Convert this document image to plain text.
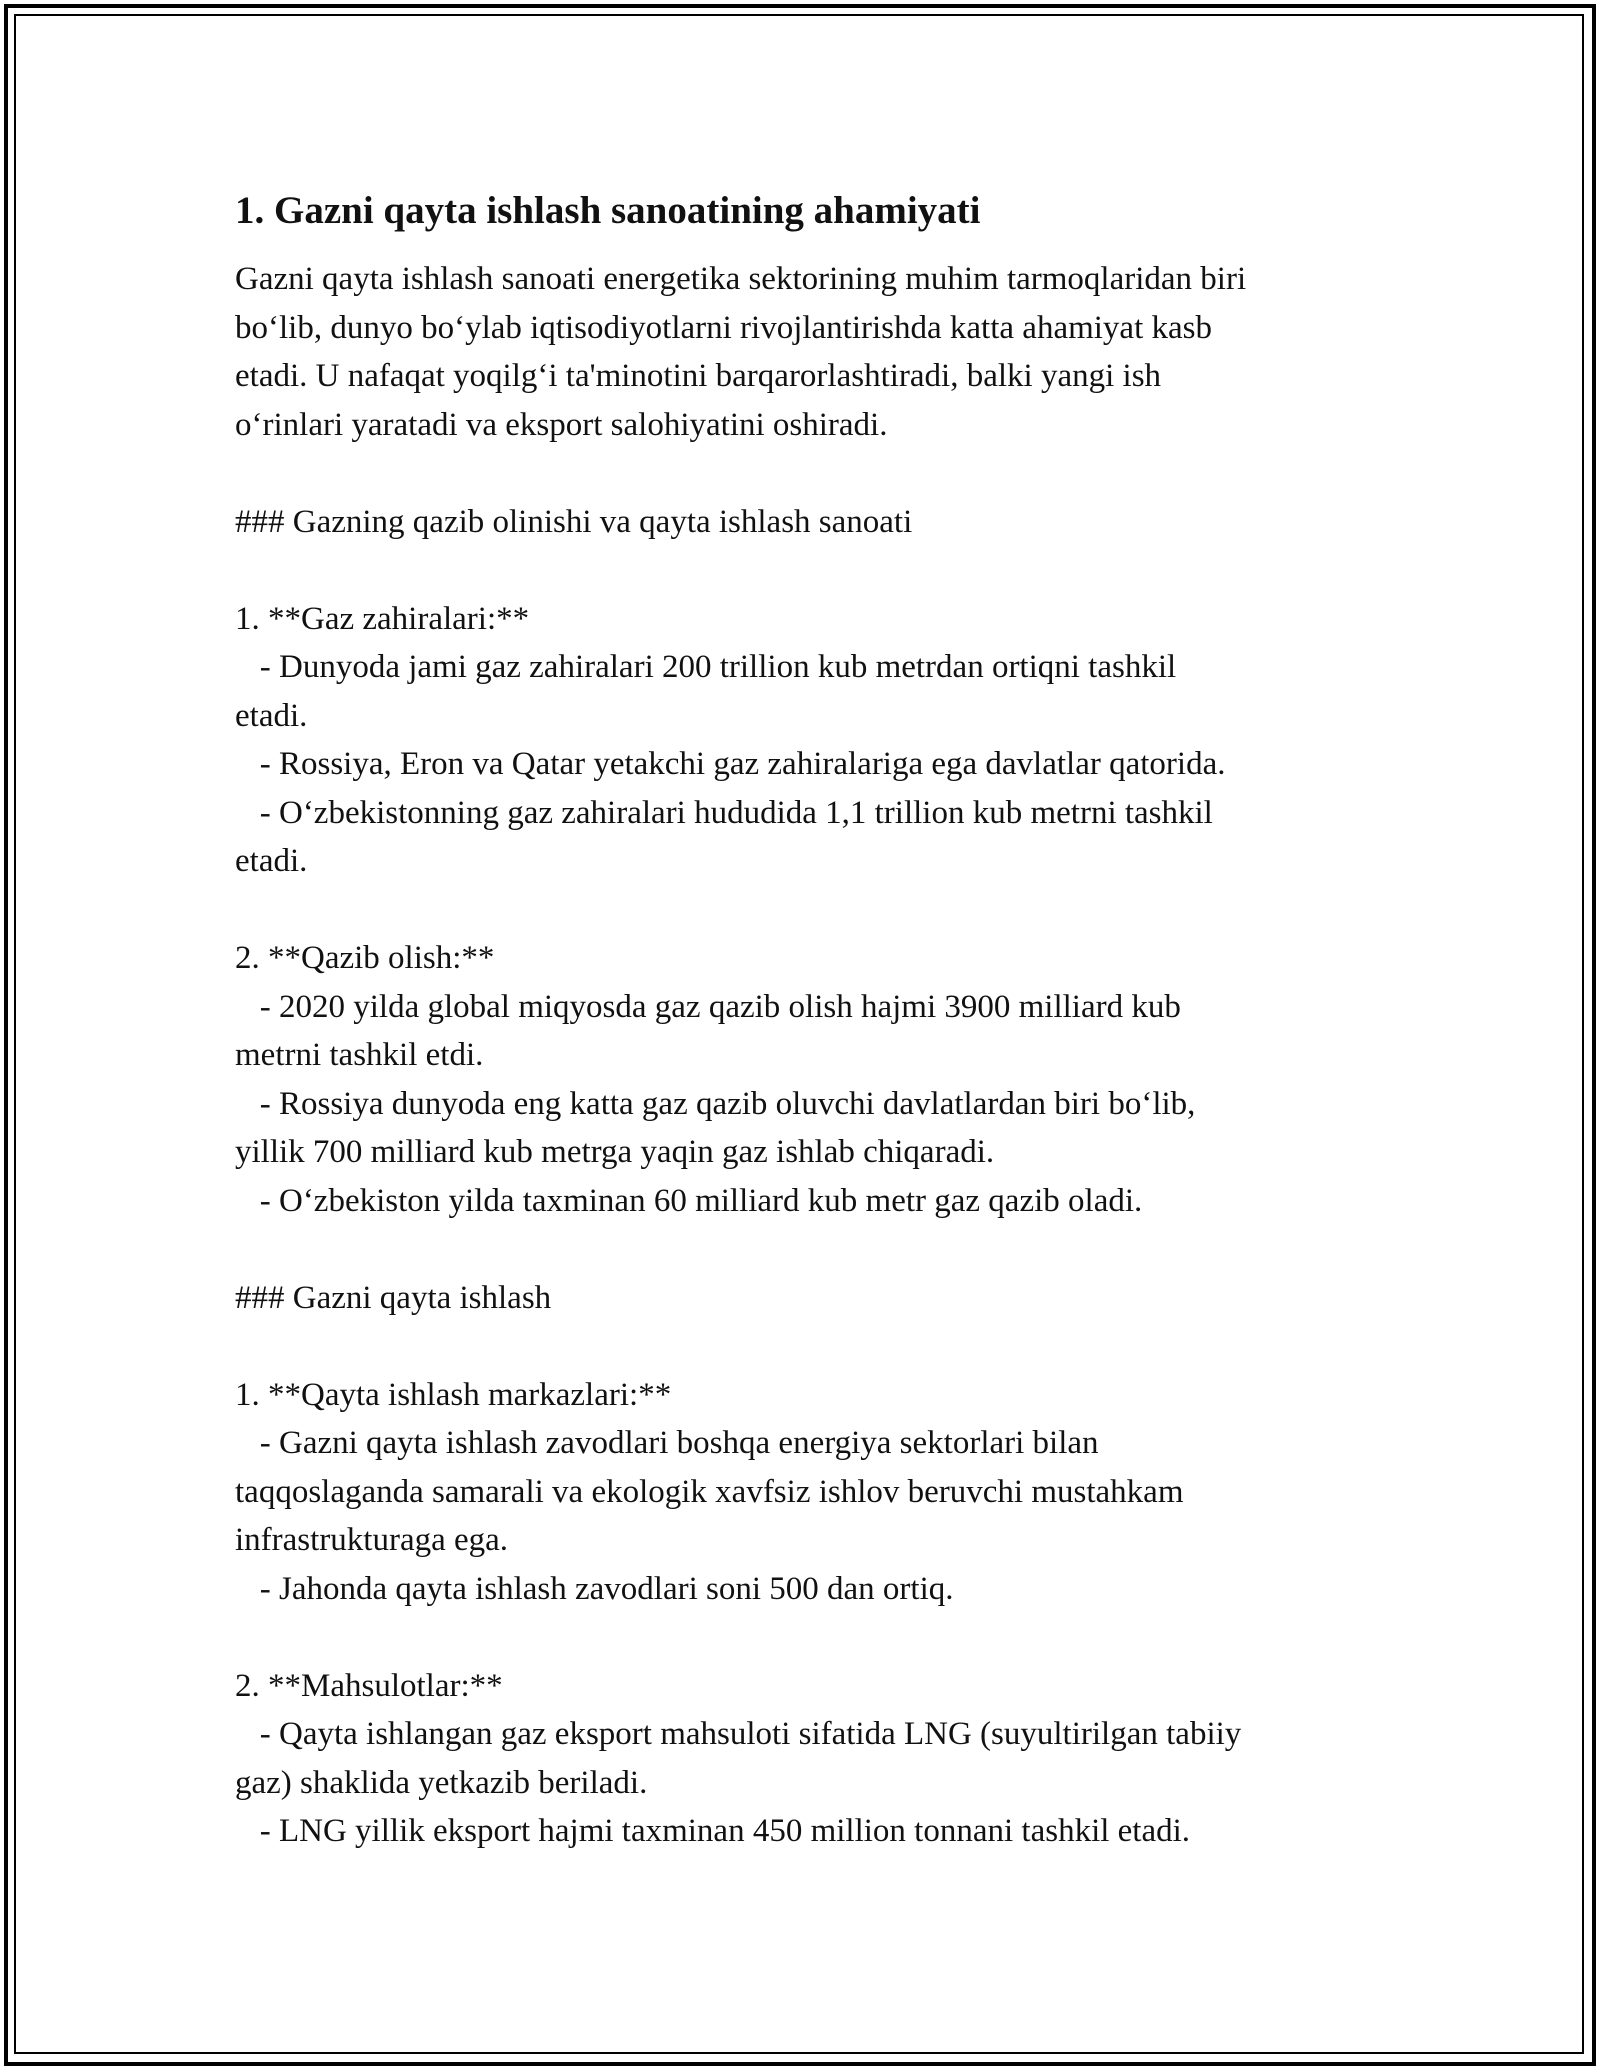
1. Gazni qayta ishlash sanoatining ahamiyati

Gazni qayta ishlash sanoati energetika sektorining muhim tarmoqlaridan biri

bo‘lib, dunyo bo‘ylab iqtisodiyotlarni rivojlantirishda katta ahamiyat kasb

etadi. U nafaqat yoqilg‘i ta'minotini barqarorlashtiradi, balki yangi ish

o‘rinlari yaratadi va eksport salohiyatini oshiradi.

### Gazning qazib olinishi va qayta ishlash sanoati

1. **Gaz zahiralari:**

- Dunyoda jami gaz zahiralari 200 trillion kub metrdan ortiqni tashkil

etadi.

- Rossiya, Eron va Qatar yetakchi gaz zahiralariga ega davlatlar qatorida.

- O‘zbekistonning gaz zahiralari hududida 1,1 trillion kub metrni tashkil

etadi.

2. **Qazib olish:**

- 2020 yilda global miqyosda gaz qazib olish hajmi 3900 milliard kub

metrni tashkil etdi.

- Rossiya dunyoda eng katta gaz qazib oluvchi davlatlardan biri bo‘lib,

yillik 700 milliard kub metrga yaqin gaz ishlab chiqaradi.

- O‘zbekiston yilda taxminan 60 milliard kub metr gaz qazib oladi.

### Gazni qayta ishlash

1. **Qayta ishlash markazlari:**

- Gazni qayta ishlash zavodlari boshqa energiya sektorlari bilan

taqqoslaganda samarali va ekologik xavfsiz ishlov beruvchi mustahkam

infrastrukturaga ega.

- Jahonda qayta ishlash zavodlari soni 500 dan ortiq.

2. **Mahsulotlar:**

- Qayta ishlangan gaz eksport mahsuloti sifatida LNG (suyultirilgan tabiiy

gaz) shaklida yetkazib beriladi.

- LNG yillik eksport hajmi taxminan 450 million tonnani tashkil etadi.
